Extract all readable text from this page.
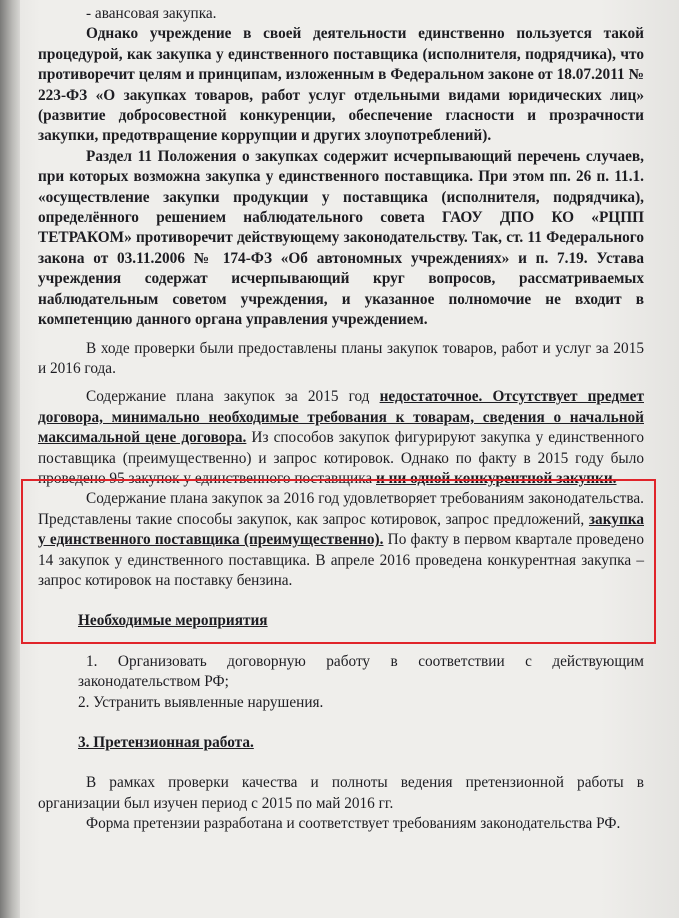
- авансовая закупка.

Однако учреждение в своей деятельности единственно пользуется такой процедурой, как закупка у единственного поставщика (исполнителя, подрядчика), что противоречит целям и принципам, изложенным в Федеральном законе от 18.07.2011 № 223-ФЗ «О закупках товаров, работ услуг отдельными видами юридических лиц» (развитие добросовестной конкуренции, обеспечение гласности и прозрачности закупки, предотвращение коррупции и других злоупотреблений).

Раздел 11 Положения о закупках содержит исчерпывающий перечень случаев, при которых возможна закупка у единственного поставщика. При этом пп. 26 п. 11.1. «осуществление закупки продукции у поставщика (исполнителя, подрядчика), определённого решением наблюдательного совета ГАОУ ДПО КО «РЦПП ТЕТРАКОМ» противоречит действующему законодательству. Так, ст. 11 Федерального закона от 03.11.2006 № 174-ФЗ «Об автономных учреждениях» и п. 7.19. Устава учреждения содержат исчерпывающий круг вопросов, рассматриваемых наблюдательным советом учреждения, и указанное полномочие не входит в компетенцию данного органа управления учреждением.

В ходе проверки были предоставлены планы закупок товаров, работ и услуг за 2015 и 2016 года.

Содержание плана закупок за 2015 год недостаточное. Отсутствует предмет договора, минимально необходимые требования к товарам, сведения о начальной максимальной цене договора. Из способов закупок фигурируют закупка у единственного поставщика (преимущественно) и запрос котировок. Однако по факту в 2015 году было проведено 95 закупок у единственного поставщика и ни одной конкурентной закупки.

Содержание плана закупок за 2016 год удовлетворяет требованиям законодательства. Представлены такие способы закупок, как запрос котировок, запрос предложений, закупка у единственного поставщика (преимущественно). По факту в первом квартале проведено 14 закупок у единственного поставщика. В апреле 2016 проведена конкурентная закупка – запрос котировок на поставку бензина.

Необходимые мероприятия

1. Организовать договорную работу в соответствии с действующим законодательством РФ;

2. Устранить выявленные нарушения.

3. Претензионная работа.

В рамках проверки качества и полноты ведения претензионной работы в организации был изучен период с 2015 по май 2016 гг.

Форма претензии разработана и соответствует требованиям законодательства РФ.
